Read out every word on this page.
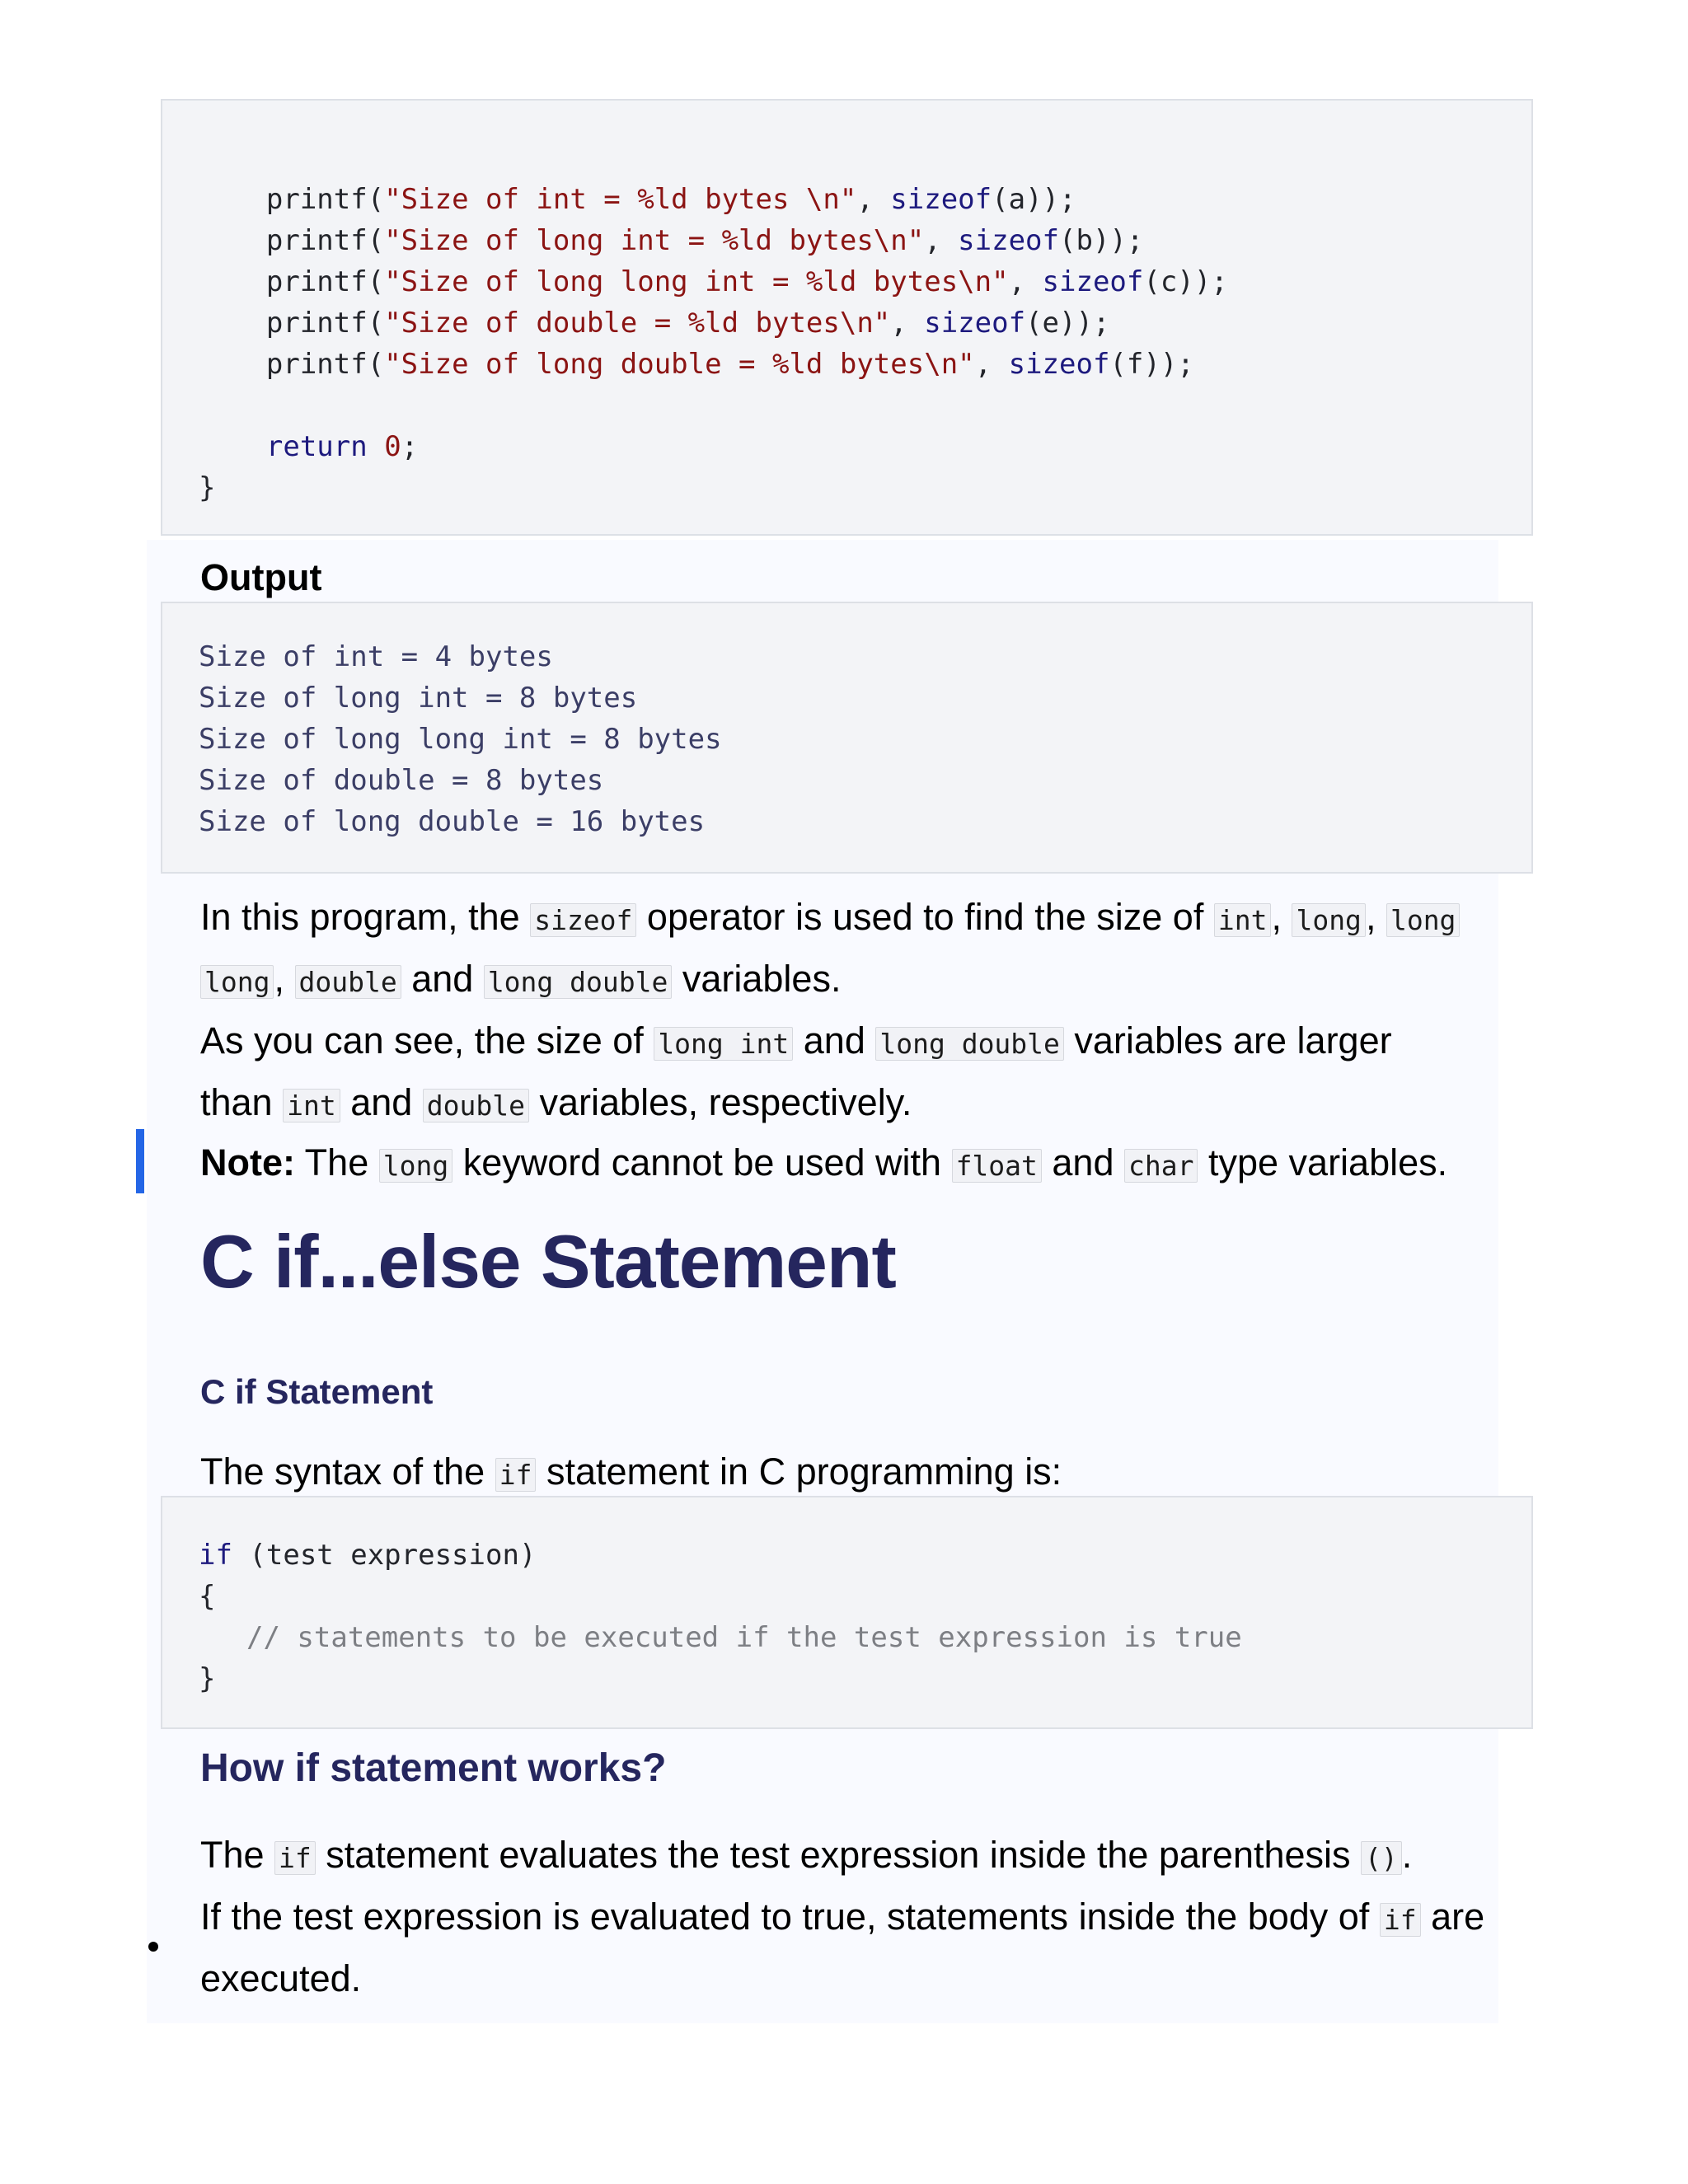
printf("Size of int = %ld bytes \n", sizeof(a));
printf("Size of long int = %ld bytes\n", sizeof(b));
printf("Size of long long int = %ld bytes\n", sizeof(c));
printf("Size of double = %ld bytes\n", sizeof(e));
printf("Size of long double = %ld bytes\n", sizeof(f));
return 0;
}
Output
Size of int = 4 bytes
Size of long int = 8 bytes
Size of long long int = 8 bytes
Size of double = 8 bytes
Size of long double = 16 bytes
In this program, the sizeof operator is used to find the size of int , long , long
long , double and long double variables.
As you can see, the size of long int and long double variables are larger
than int and double variables, respectively.
Note: The long keyword cannot be used with float and char type variables.
C if...else Statement
C if Statement
The syntax of the if statement in C programming is:
if (test expression)
{
// statements to be executed if the test expression is true
}
How if statement works?
The if statement evaluates the test expression inside the parenthesis () .
If the test expression is evaluated to true, statements inside the body of if are
executed.
